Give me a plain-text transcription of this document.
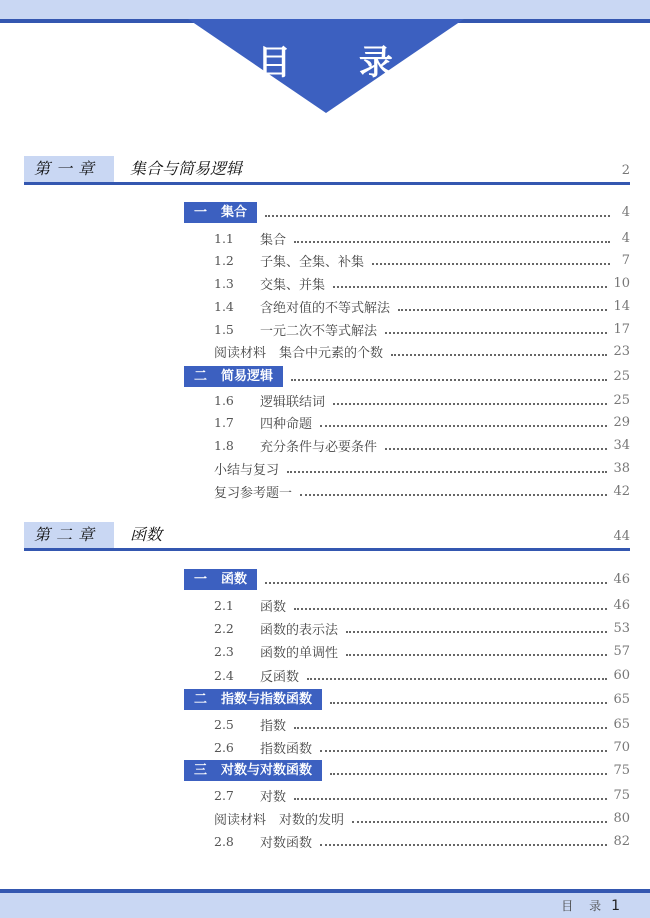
目 录
第一章	集合与简易逻辑	2
一 集合	4
1.1	集合	4
1.2	子集、全集、补集	7
1.3	交集、并集	10
1.4	含绝对值的不等式解法	14
1.5	一元二次不等式解法	17
阅读材料　集合中元素的个数	23
二 简易逻辑	25
1.6	逻辑联结词	25
1.7	四种命题	29
1.8	充分条件与必要条件	34
小结与复习	38
复习参考题一	42
第二章	函数	44
一 函数	46
2.1	函数	46
2.2	函数的表示法	53
2.3	函数的单调性	57
2.4	反函数	60
二 指数与指数函数	65
2.5	指数	65
2.6	指数函数	70
三 对数与对数函数	75
2.7	对数	75
阅读材料　对数的发明	80
2.8	对数函数	82
目 录 1
